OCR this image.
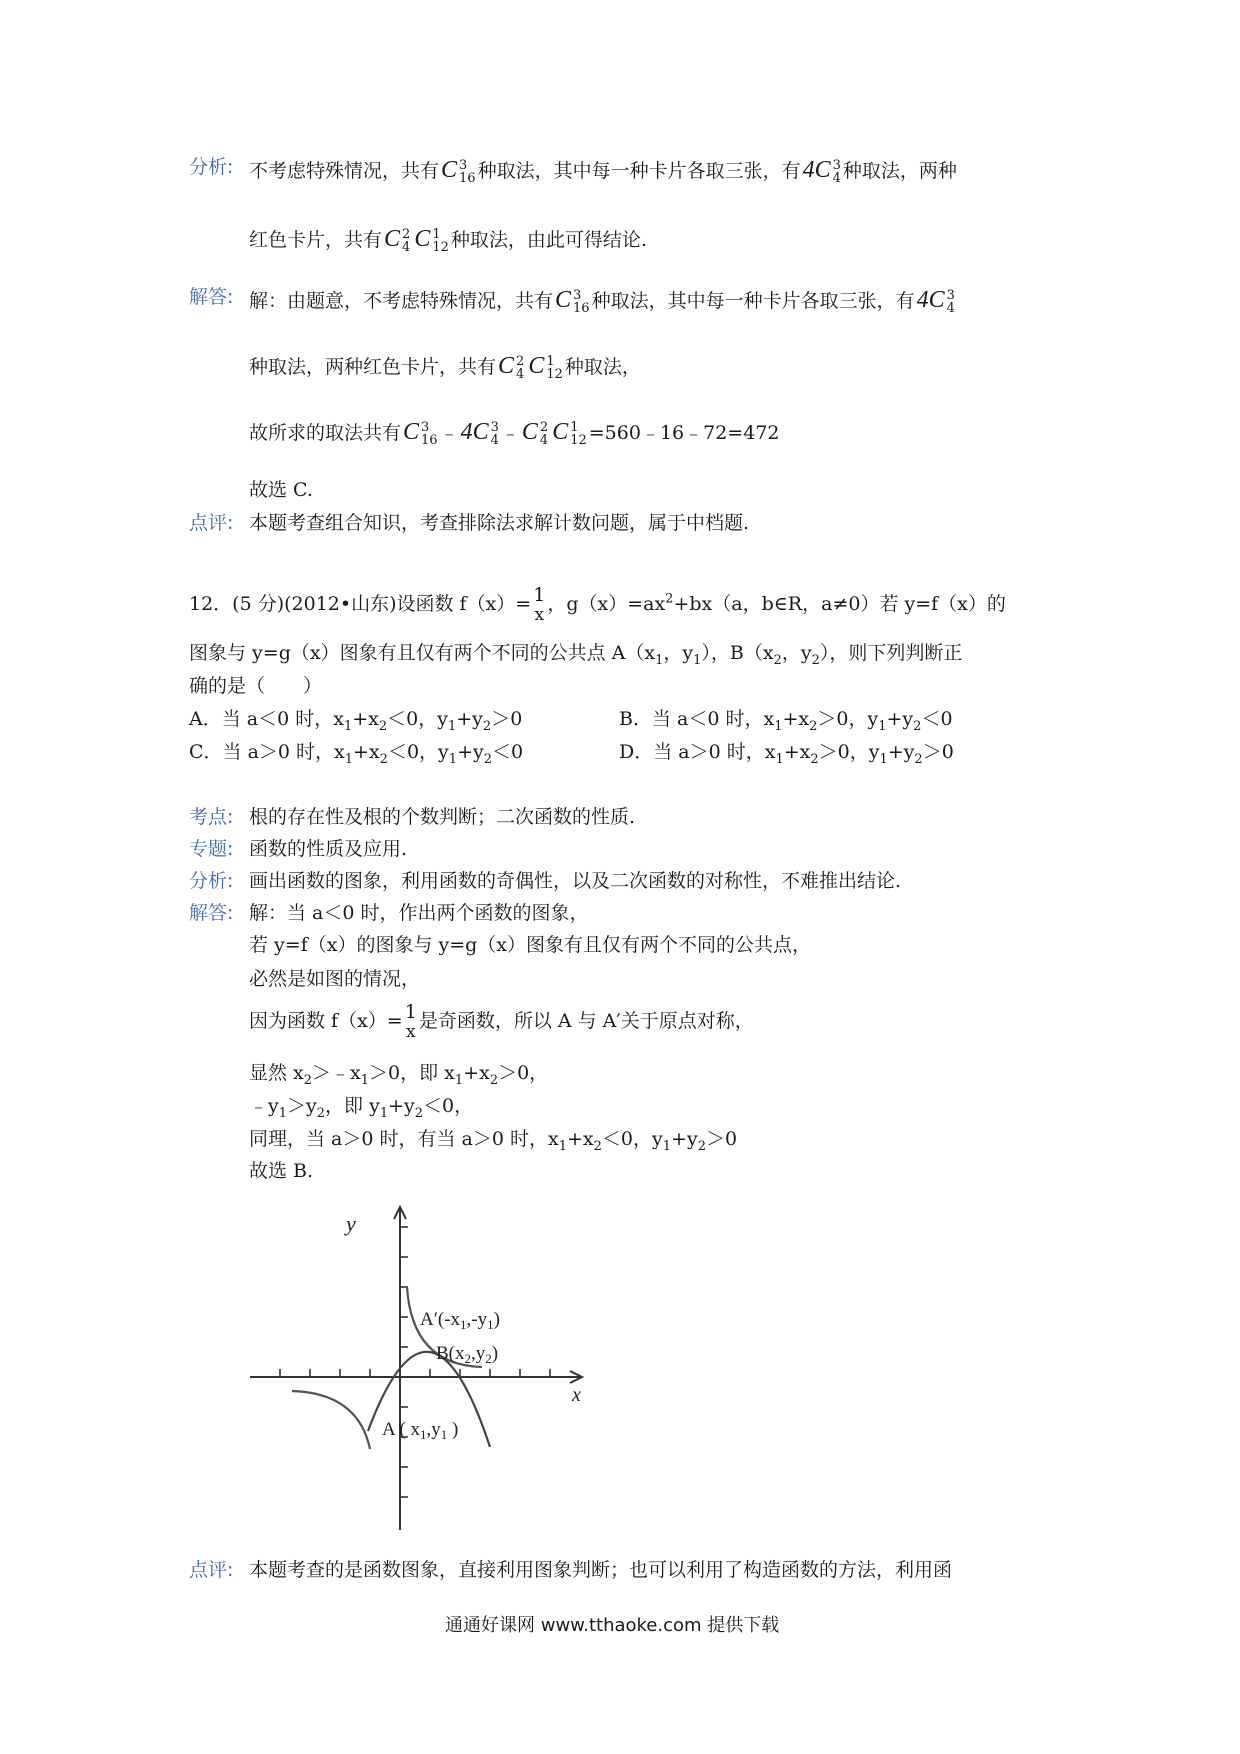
分析: 不考虑特殊情况，共有C 3
16 种取法，其中每一种卡片各取三张，有4C 3
4 种取法，两种
红色卡片，共有C 2
4 C 1
12 种取法，由此可得结论.
解答: 解：由题意，不考虑特殊情况，共有C 3
16 种取法，其中每一种卡片各取三张，有4C 3
4
种取法，两种红色卡片，共有C 2
4 C 1
12 种取法，
故所求的取法共有C 3
16 ﹣4C 3
4 ﹣C 2
4 C 1
12 =560﹣16﹣72=472
故选 C.
点评: 本题考查组合知识，考查排除法求解计数问题，属于中档题.
12．(5 分)(2012•山东)设函数 f（x）= 1
x ，$g(x)=ax^2+bx(a$，b∈R，a≠0）若 y=f（x）的
图象与 y=g（x）图象有且仅有两个不同的公共点 $A(x_1$，$y_1$），$B(x_2$，$y_2$），则下列判断正
确的是（　　）
A．当 a＜0 时，$x_1+x_2<0$，$y_1+y_2>0$	B．当 a＜0 时，$x_1+x_2>0$，$y_1+y_2<0$
C．当 a＞0 时，$x_1+x_2<0$，$y_1+y_2<0$	D．当 a＞0 时，$x_1+x_2>0$，$y_1+y_2>0$
考点: 根的存在性及根的个数判断；二次函数的性质.
专题: 函数的性质及应用.
分析: 画出函数的图象，利用函数的奇偶性，以及二次函数的对称性，不难推出结论.
解答: 解：当 a＜0 时，作出两个函数的图象，
若 y=f（x）的图象与 y=g（x）图象有且仅有两个不同的公共点，
必然是如图的情况，
因为函数 f（x）= 1
x 是奇函数，所以 A 与 A′关于原点对称，
显然 $x_2>﹣x_1>0$，即 $x_1+x_2>0$，
$﹣y_1>y_2$，即 $y_1+y_2<0$，
同理，当 a＞0 时，有当 a＞0 时，$x_1+x_2<0$，$y_1+y_2>0$
故选 B.
y
x
$A'(-x_1,-y_1)$
$B(x_2,y_2)$
A ( $x_1,y_1$ )
点评: 本题考查的是函数图象，直接利用图象判断；也可以利用了构造函数的方法，利用函
通通好课网 www.tthaoke.com 提供下载
